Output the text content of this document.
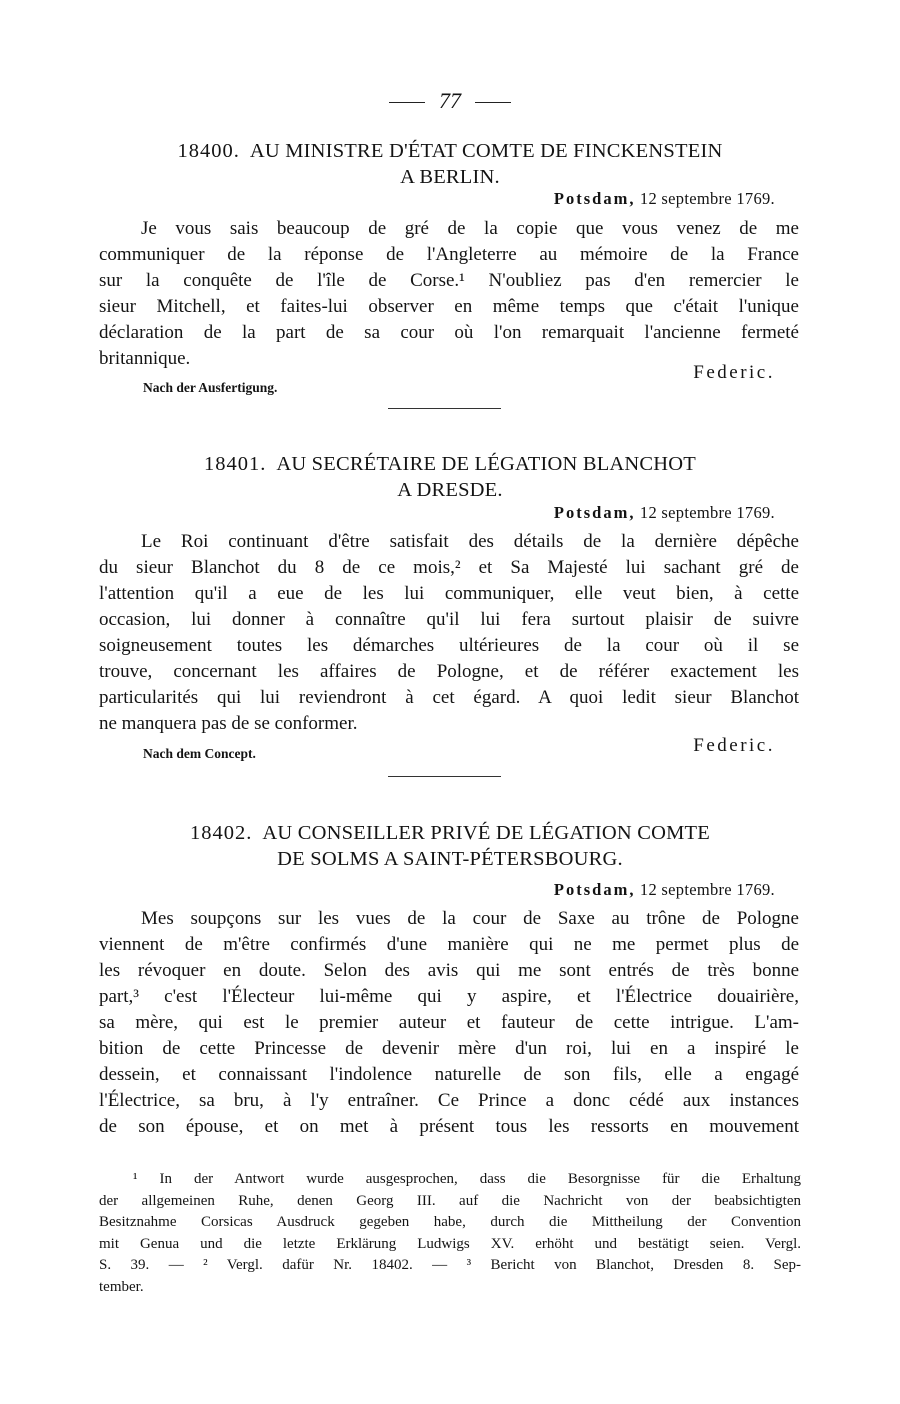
77
18400. AU MINISTRE D'ÉTAT COMTE DE FINCKENSTEIN
A BERLIN.
Potsdam, 12 septembre 1769.
Je vous sais beaucoup de gré de la copie que vous venez de me
communiquer de la réponse de l'Angleterre au mémoire de la France
sur la conquête de l'île de Corse.¹ N'oubliez pas d'en remercier le
sieur Mitchell, et faites-lui observer en même temps que c'était l'unique
déclaration de la part de sa cour où l'on remarquait l'ancienne fermeté
britannique.
Federic.
Nach der Ausfertigung.
18401. AU SECRÉTAIRE DE LÉGATION BLANCHOT
A DRESDE.
Potsdam, 12 septembre 1769.
Le Roi continuant d'être satisfait des détails de la dernière dépêche
du sieur Blanchot du 8 de ce mois,² et Sa Majesté lui sachant gré de
l'attention qu'il a eue de les lui communiquer, elle veut bien, à cette
occasion, lui donner à connaître qu'il lui fera surtout plaisir de suivre
soigneusement toutes les démarches ultérieures de la cour où il se
trouve, concernant les affaires de Pologne, et de référer exactement les
particularités qui lui reviendront à cet égard. A quoi ledit sieur Blanchot
ne manquera pas de se conformer.
Federic.
Nach dem Concept.
18402. AU CONSEILLER PRIVÉ DE LÉGATION COMTE
DE SOLMS A SAINT-PÉTERSBOURG.
Potsdam, 12 septembre 1769.
Mes soupçons sur les vues de la cour de Saxe au trône de Pologne
viennent de m'être confirmés d'une manière qui ne me permet plus de
les révoquer en doute. Selon des avis qui me sont entrés de très bonne
part,³ c'est l'Électeur lui-même qui y aspire, et l'Électrice douairière,
sa mère, qui est le premier auteur et fauteur de cette intrigue. L'am-
bition de cette Princesse de devenir mère d'un roi, lui en a inspiré le
dessein, et connaissant l'indolence naturelle de son fils, elle a engagé
l'Électrice, sa bru, à l'y entraîner. Ce Prince a donc cédé aux instances
de son épouse, et on met à présent tous les ressorts en mouvement
¹ In der Antwort wurde ausgesprochen, dass die Besorgnisse für die Erhaltung
der allgemeinen Ruhe, denen Georg III. auf die Nachricht von der beabsichtigten
Besitznahme Corsicas Ausdruck gegeben habe, durch die Mittheilung der Convention
mit Genua und die letzte Erklärung Ludwigs XV. erhöht und bestätigt seien. Vergl.
S. 39. — ² Vergl. dafür Nr. 18402. — ³ Bericht von Blanchot, Dresden 8. Sep-
tember.
